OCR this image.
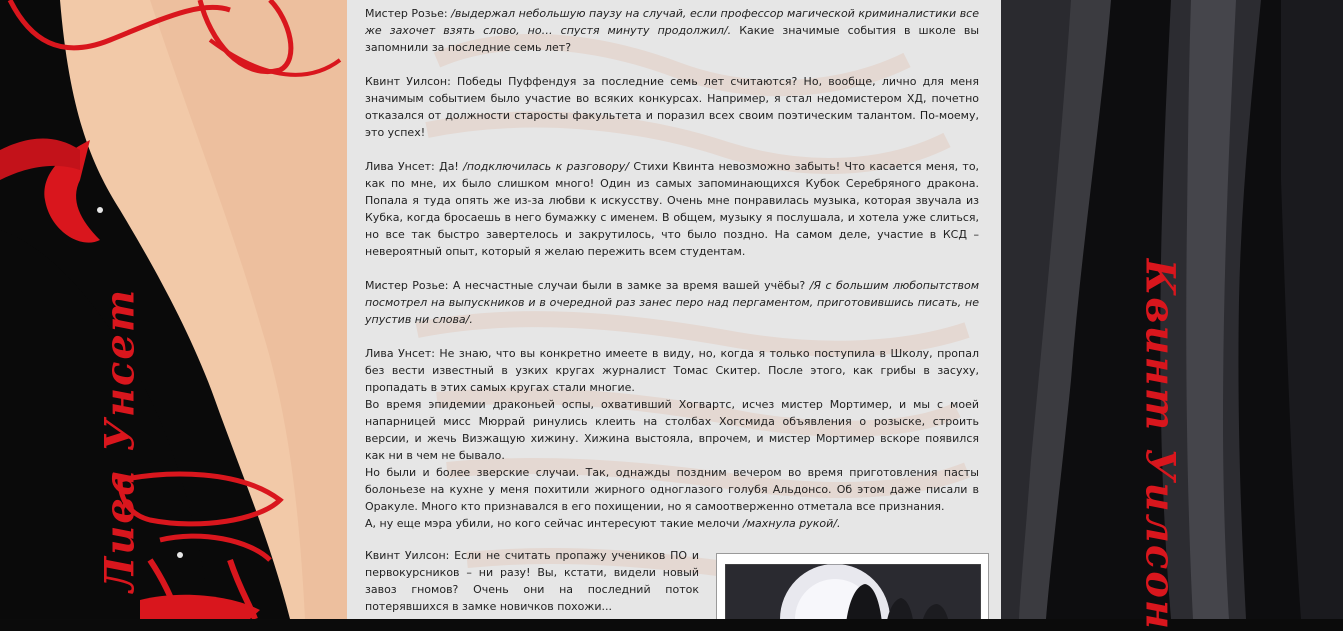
Лива Унсет

Мистер Розье: /выдержал небольшую паузу на случай, если профессор магической криминалистики все же захочет взять слово, но… спустя минуту продолжил/. Какие значимые события в школе вы запомнили за последние семь лет?

Квинт Уилсон: Победы Пуффендуя за последние семь лет считаются? Но, вообще, лично для меня значимым событием было участие во всяких конкурсах. Например, я стал недомистером ХД, почетно отказался от должности старосты факультета и поразил всех своим поэтическим талантом. По-моему, это успех!

Лива Унсет: Да! /подключилась к разговору/ Стихи Квинта невозможно забыть! Что касается меня, то, как по мне, их было слишком много! Один из самых запоминающихся Кубок Серебряного дракона. Попала я туда опять же из-за любви к искусству. Очень мне понравилась музыка, которая звучала из Кубка, когда бросаешь в него бумажку с именем. В общем, музыку я послушала, и хотела уже слиться, но все так быстро завертелось и закрутилось, что было поздно. На самом деле, участие в КСД – невероятный опыт, который я желаю пережить всем студентам.

Мистер Розье: А несчастные случаи были в замке за время вашей учёбы? /Я с большим любопытством посмотрел на выпускников и в очередной раз занес перо над пергаментом, приготовившись писать, не упустив ни слова/.

Лива Унсет: Не знаю, что вы конкретно имеете в виду, но, когда я только поступила в Школу, пропал без вести известный в узких кругах журналист Томас Скитер. После этого, как грибы в засуху, пропадать в этих самых кругах стали многие.

Во время эпидемии драконьей оспы, охвативший Хогвартс, исчез мистер Мортимер, и мы с моей напарницей мисс Мюррай ринулись клеить на столбах Хогсмида объявления о розыске, строить версии, и жечь Визжащую хижину. Хижина выстояла, впрочем, и мистер Мортимер вскоре появился как ни в чем не бывало.

Но были и более зверские случаи. Так, однажды поздним вечером во время приготовления пасты болоньезе на кухне у меня похитили жирного одноглазого голубя Альдонсо. Об этом даже писали в Оракуле. Много кто признавался в его похищении, но я самоотверженно отметала все признания.

А, ну еще мэра убили, но кого сейчас интересуют такие мелочи /махнула рукой/.

Квинт Уилсон: Если не считать пропажу учеников ПО и первокурсников – ни разу! Вы, кстати, видели новый завоз гномов? Очень они на последний поток потерявшихся в замке новичков похожи...	Квинт Уилсон
